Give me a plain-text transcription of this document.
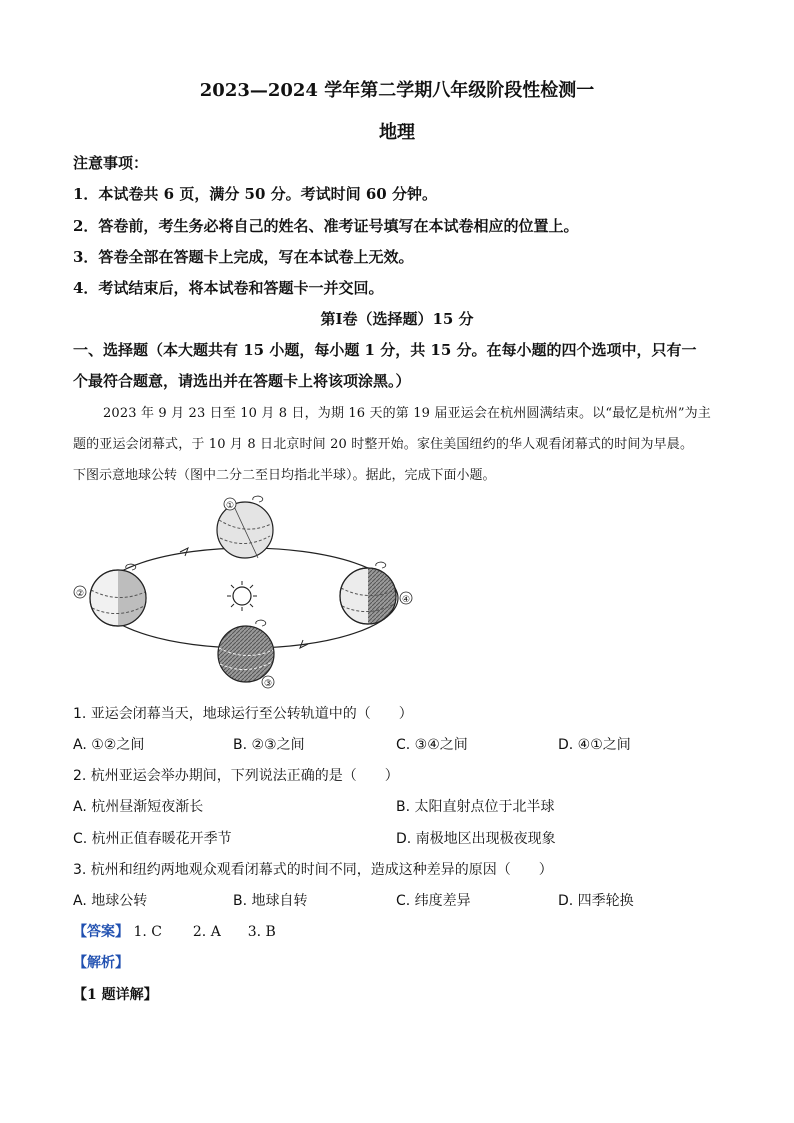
2023—2024 学年第二学期八年级阶段性检测一
地理
注意事项：
1．本试卷共 6 页，满分 50 分。考试时间 60 分钟。
2．答卷前，考生务必将自己的姓名、准考证号填写在本试卷相应的位置上。
3．答卷全部在答题卡上完成，写在本试卷上无效。
4．考试结束后，将本试卷和答题卡一并交回。
第Ⅰ卷（选择题）15 分
一、选择题（本大题共有 15 小题，每小题 1 分，共 15 分。在每小题的四个选项中，只有一
个最符合题意，请选出并在答题卡上将该项涂黑。）
2023 年 9 月 23 日至 10 月 8 日，为期 16 天的第 19 届亚运会在杭州圆满结束。以“最忆是杭州”为主
题的亚运会闭幕式，于 10 月 8 日北京时间 20 时整开始。家住美国纽约的华人观看闭幕式的时间为早晨。
下图示意地球公转（图中二分二至日均指北半球）。据此，完成下面小题。
①
②
③
④
1. 亚运会闭幕当天，地球运行至公转轨道中的（　　）
A. ①②之间	B. ②③之间	C. ③④之间	D. ④①之间
2. 杭州亚运会举办期间，下列说法正确的是（　　）
A. 杭州昼渐短夜渐长	B. 太阳直射点位于北半球
C. 杭州正值春暖花开季节	D. 南极地区出现极夜现象
3. 杭州和纽约两地观众观看闭幕式的时间不同，造成这种差异的原因（　　）
A. 地球公转	B. 地球自转	C. 纬度差异	D. 四季轮换
【答案】 1. C 2. A 3. B
【解析】
【1 题详解】
